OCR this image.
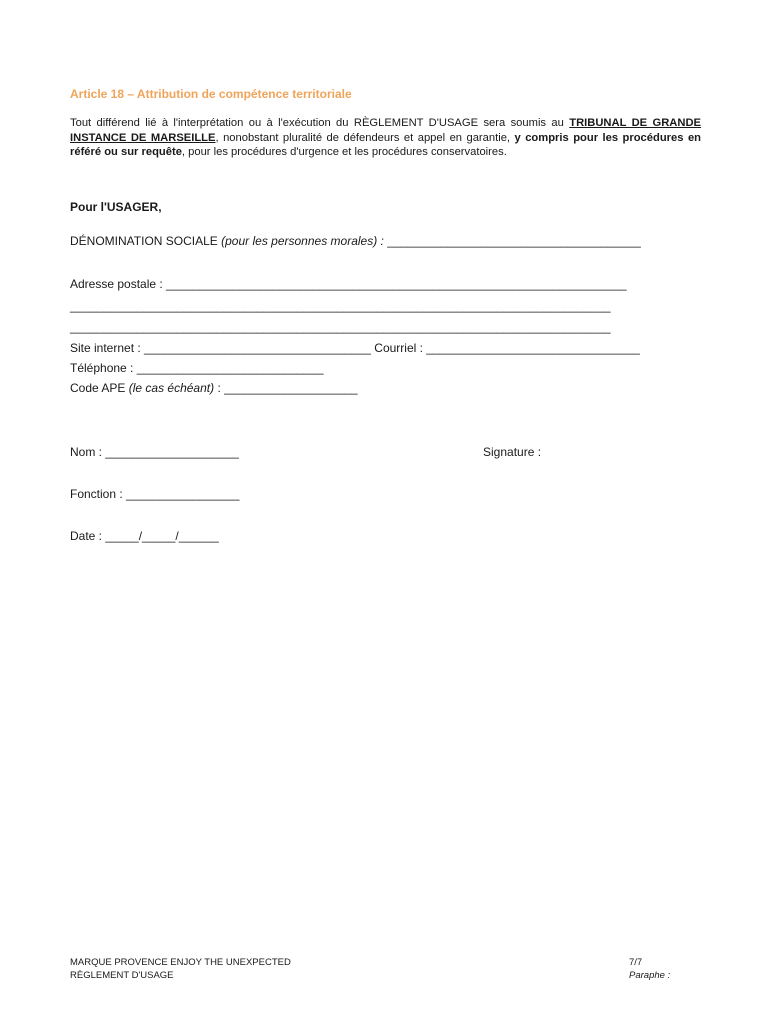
Article 18 – Attribution de compétence territoriale
Tout différend lié à l'interprétation ou à l'exécution du RÈGLEMENT D'USAGE sera soumis au TRIBUNAL DE GRANDE INSTANCE DE MARSEILLE, nonobstant pluralité de défendeurs et appel en garantie, y compris pour les procédures en référé ou sur requête, pour les procédures d'urgence et les procédures conservatoires.
Pour l'USAGER,
DÉNOMINATION SOCIALE (pour les personnes morales) : ______________________________________
Adresse postale : _____________________________________________________________________
_________________________________________________________________________________
_________________________________________________________________________________
Site internet : __________________________________ Courriel : ________________________________
Téléphone : ____________________________
Code APE (le cas échéant) : ____________________
Nom : ____________________	Signature :
Fonction : _________________
Date : _____/_____/______
MARQUE PROVENCE ENJOY THE UNEXPECTED
RÈGLEMENT D'USAGE
7/7
Paraphe :
